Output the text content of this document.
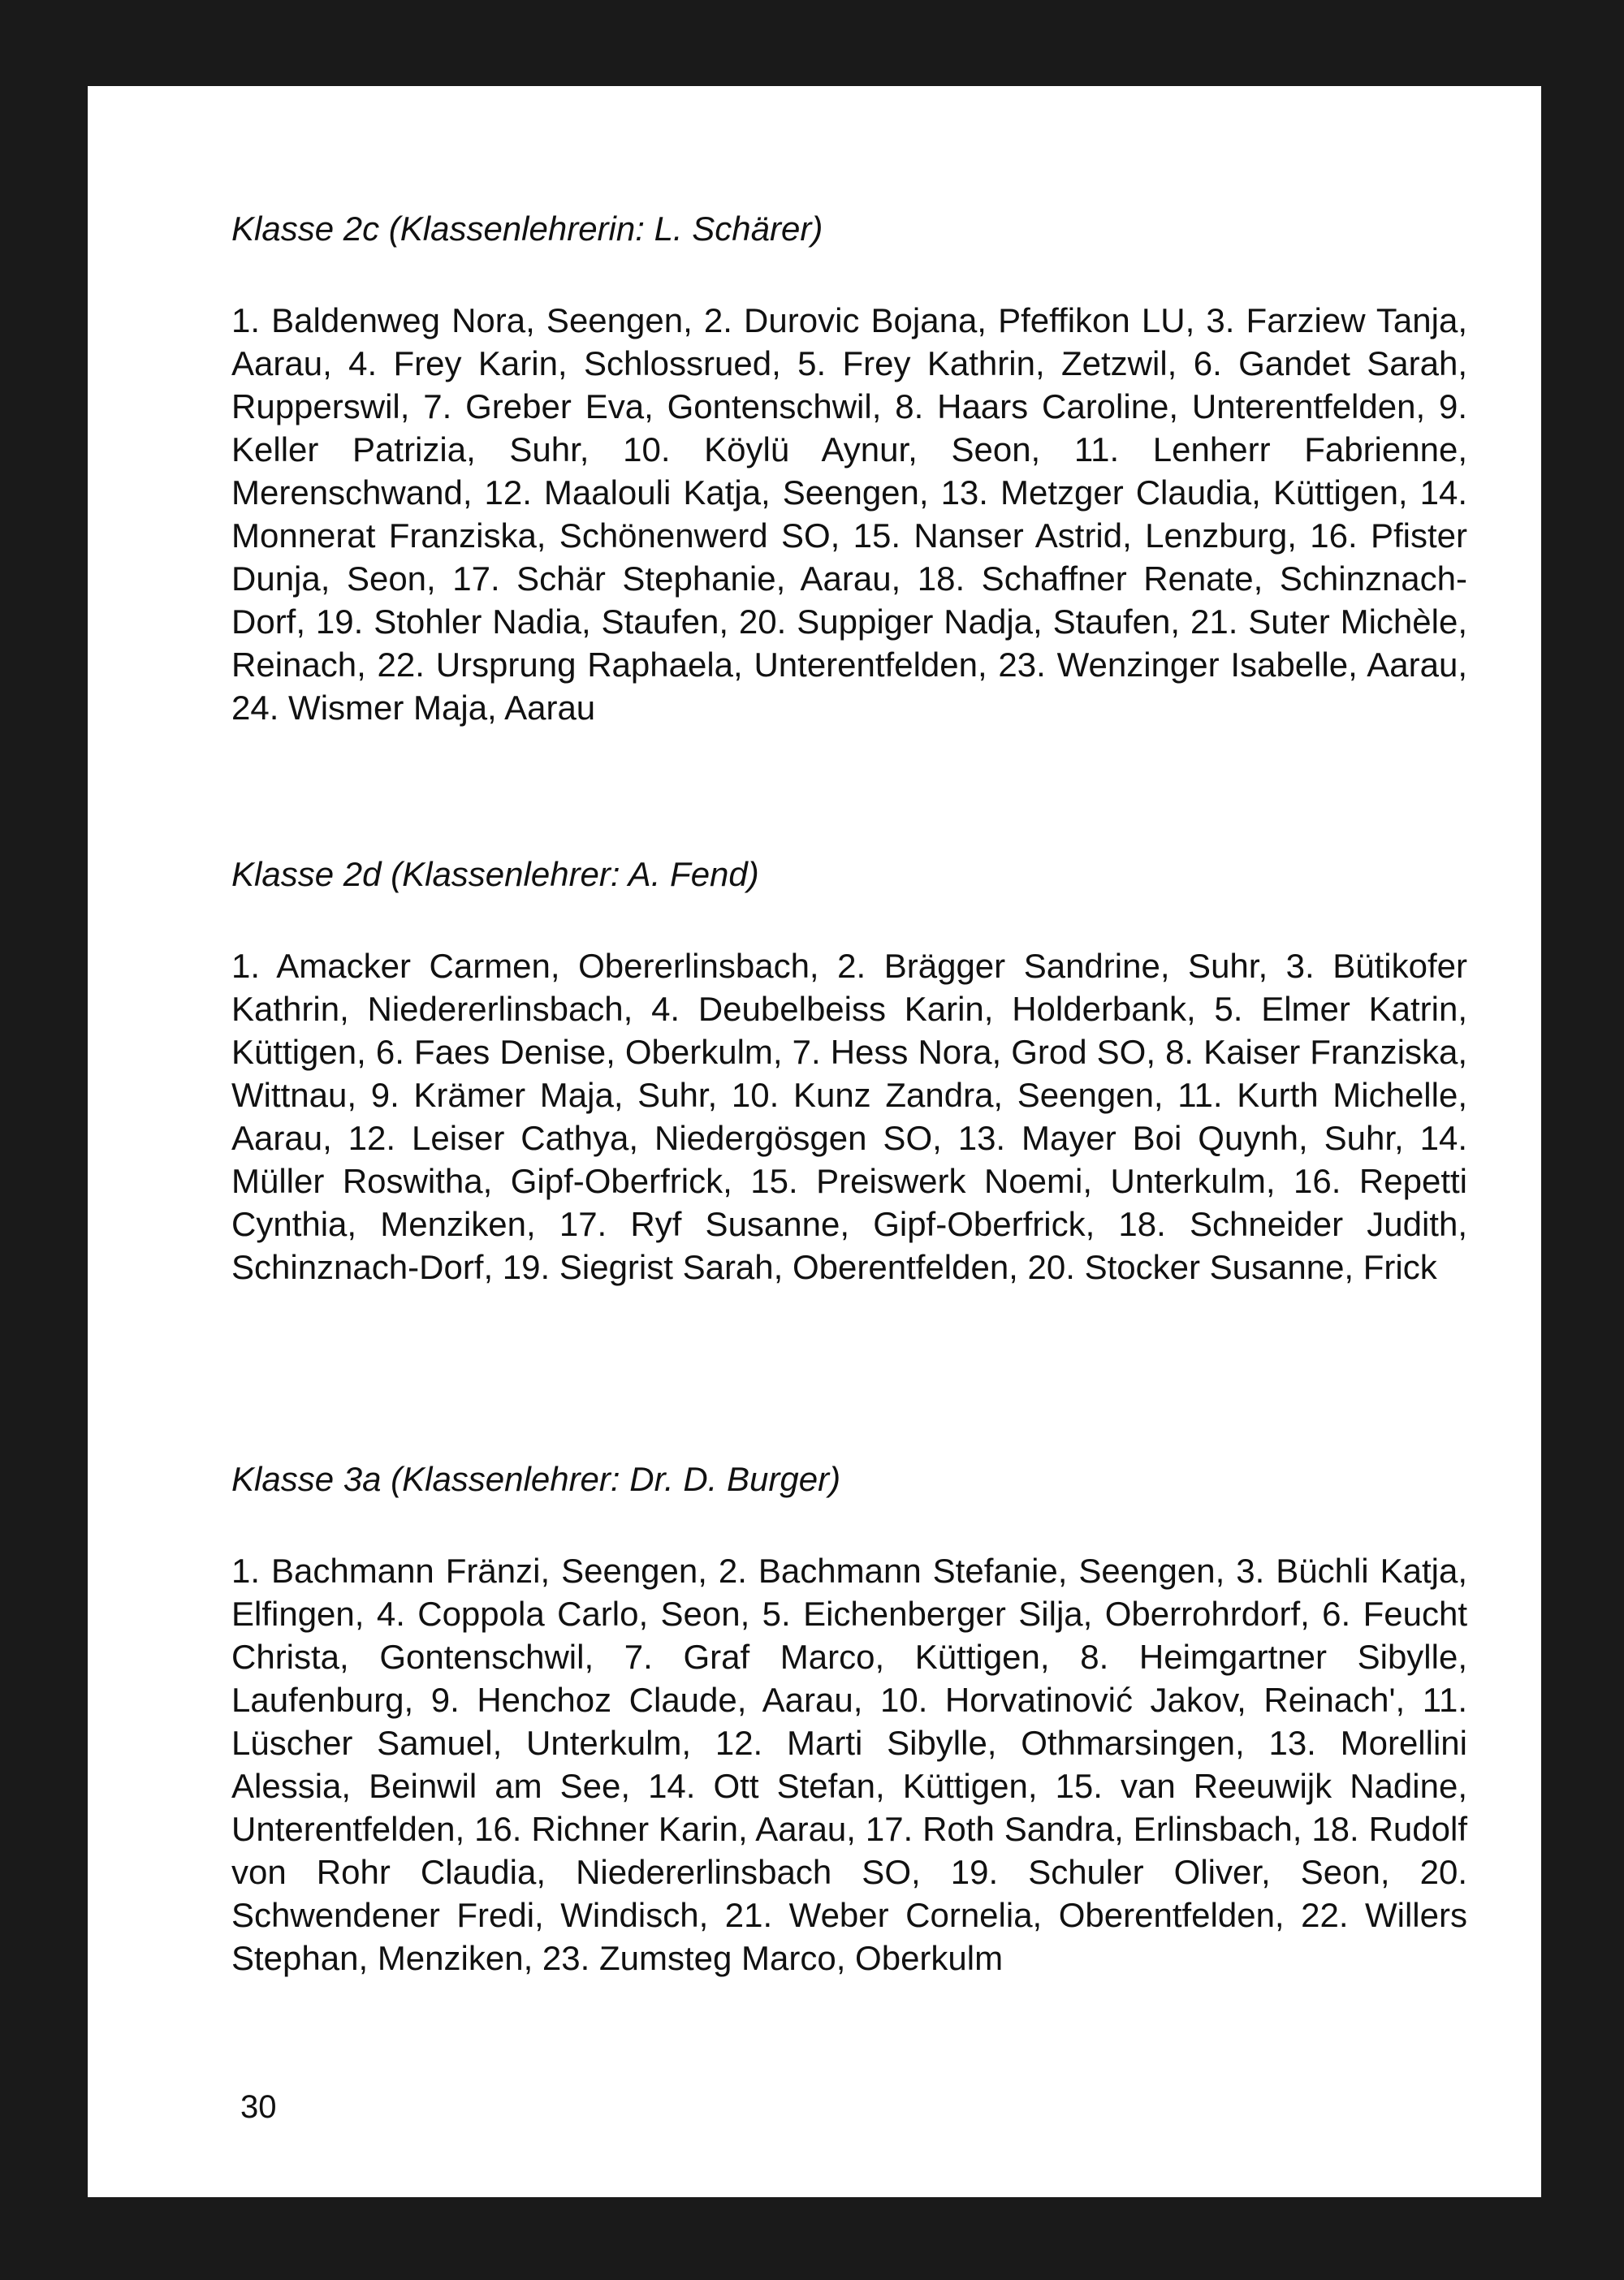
Klasse 2c (Klassenlehrerin: L. Schärer)

1. Baldenweg Nora, Seengen, 2. Durovic Bojana, Pfeffikon LU, 3. Farziew Tanja, Aarau, 4. Frey Karin, Schlossrued, 5. Frey Kathrin, Zetzwil, 6. Gandet Sarah, Rupperswil, 7. Greber Eva, Gontenschwil, 8. Haars Caroline, Unterentfelden, 9. Keller Patrizia, Suhr, 10. Köylü Aynur, Seon, 11. Lenherr Fabrienne, Merenschwand, 12. Maalouli Katja, Seengen, 13. Metzger Claudia, Küttigen, 14. Monnerat Franziska, Schönenwerd SO, 15. Nanser Astrid, Lenzburg, 16. Pfister Dunja, Seon, 17. Schär Stephanie, Aarau, 18. Schaffner Renate, Schinznach-Dorf, 19. Stohler Nadia, Staufen, 20. Suppiger Nadja, Staufen, 21. Suter Michèle, Reinach, 22. Ursprung Raphaela, Unterentfelden, 23. Wenzinger Isabelle, Aarau, 24. Wismer Maja, Aarau

Klasse 2d (Klassenlehrer: A. Fend)

1. Amacker Carmen, Obererlinsbach, 2. Brägger Sandrine, Suhr, 3. Bütikofer Kathrin, Niedererlinsbach, 4. Deubelbeiss Karin, Holderbank, 5. Elmer Katrin, Küttigen, 6. Faes Denise, Oberkulm, 7. Hess Nora, Grod SO, 8. Kaiser Franziska, Wittnau, 9. Krämer Maja, Suhr, 10. Kunz Zandra, Seengen, 11. Kurth Michelle, Aarau, 12. Leiser Cathya, Niedergösgen SO, 13. Mayer Boi Quynh, Suhr, 14. Müller Roswitha, Gipf-Oberfrick, 15. Preiswerk Noemi, Unterkulm, 16. Repetti Cynthia, Menziken, 17. Ryf Susanne, Gipf-Oberfrick, 18. Schneider Judith, Schinznach-Dorf, 19. Siegrist Sarah, Oberentfelden, 20. Stocker Susanne, Frick

Klasse 3a (Klassenlehrer: Dr. D. Burger)

1. Bachmann Fränzi, Seengen, 2. Bachmann Stefanie, Seengen, 3. Büchli Katja, Elfingen, 4. Coppola Carlo, Seon, 5. Eichenberger Silja, Oberrohrdorf, 6. Feucht Christa, Gontenschwil, 7. Graf Marco, Küttigen, 8. Heimgartner Sibylle, Laufenburg, 9. Henchoz Claude, Aarau, 10. Horvatinović Jakov, Reinach', 11. Lüscher Samuel, Unterkulm, 12. Marti Sibylle, Othmarsingen, 13. Morellini Alessia, Beinwil am See, 14. Ott Stefan, Küttigen, 15. van Reeuwijk Nadine, Unterentfelden, 16. Richner Karin, Aarau, 17. Roth Sandra, Erlinsbach, 18. Rudolf von Rohr Claudia, Niedererlinsbach SO, 19. Schuler Oliver, Seon, 20. Schwendener Fredi, Windisch, 21. Weber Cornelia, Oberentfelden, 22. Willers Stephan, Menziken, 23. Zumsteg Marco, Oberkulm

30
